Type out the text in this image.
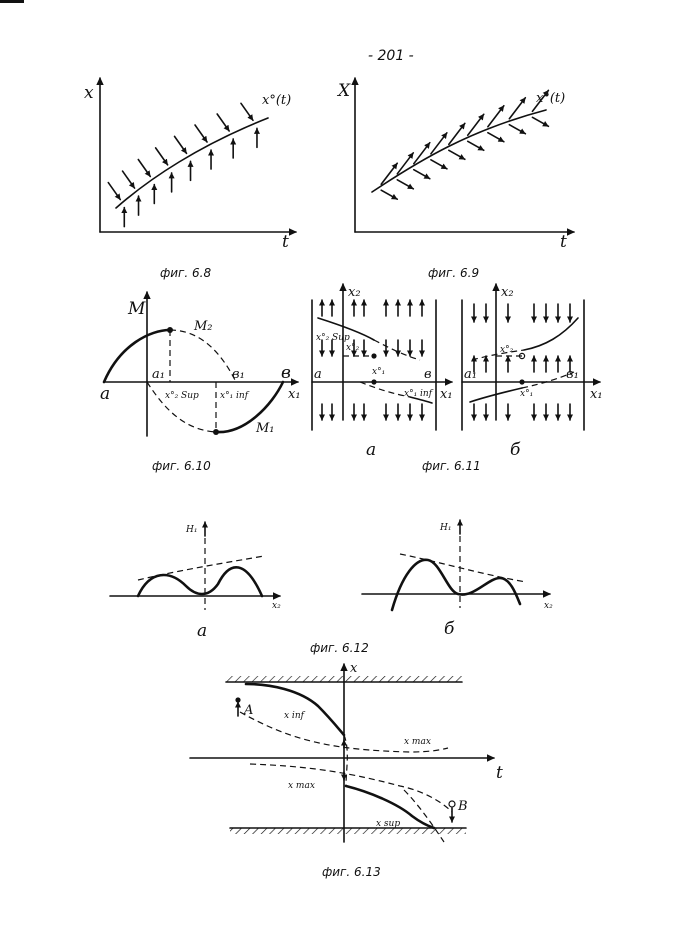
- 201 -
x
t
x°(t)
фиг. 6.8
X
t
x°(t)
фиг. 6.9
M
x₁
M₂
M₁
a
в
a₁	в₁
x°₂ Sup x°₁ inf
фиг. 6.10
x₂
x₁
x°₂ Sup
x°₂
x°₁
x°₁ inf
a	в
а
x₂
x₁
x°₂
x°₁
a₁	в₁
б
фиг. 6.11
H₁
x₂
а
H₁
x₂
б
фиг. 6.12
x
t
A
B
x inf
x sup
x max
x max
фиг. 6.13
